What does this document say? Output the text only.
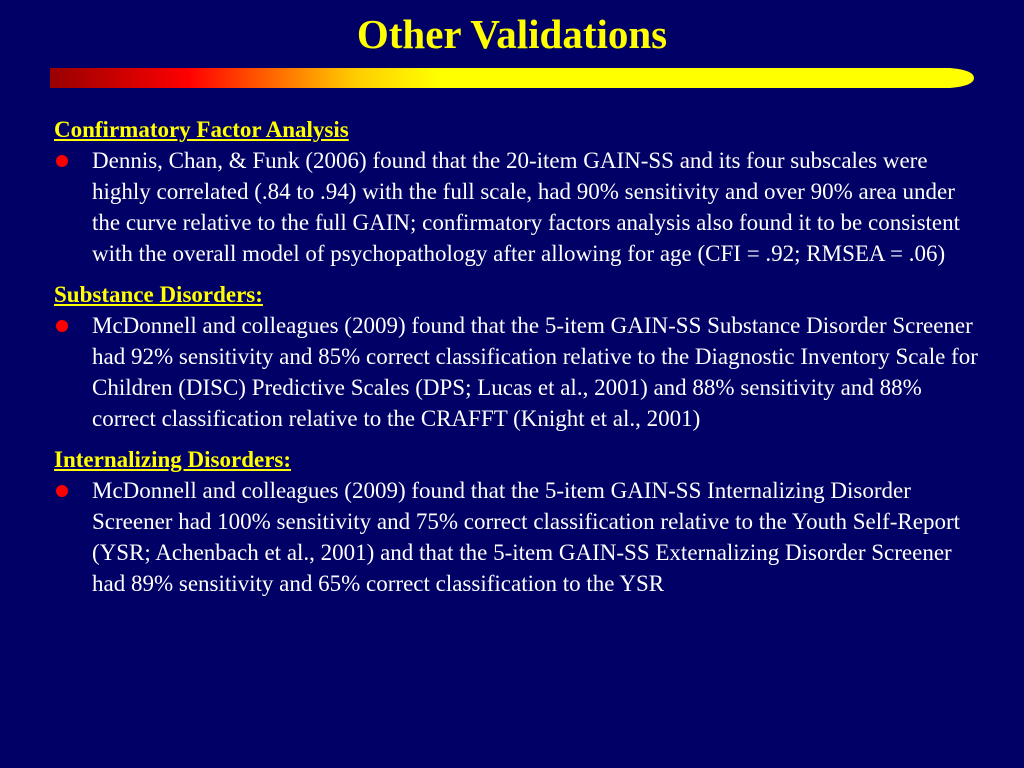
Other Validations

Confirmatory Factor Analysis

Dennis, Chan, & Funk (2006) found that the 20-item GAIN-SS and its four subscales were highly correlated (.84 to .94) with the full scale, had 90% sensitivity and over 90% area under the curve relative to the full GAIN; confirmatory factors analysis also found it to be consistent with the overall model of psychopathology after allowing for age (CFI = .92; RMSEA = .06)

Substance Disorders:

McDonnell and colleagues (2009) found that the 5-item GAIN-SS Substance Disorder Screener had 92% sensitivity and 85% correct classification relative to the Diagnostic Inventory Scale for Children (DISC) Predictive Scales (DPS; Lucas et al., 2001) and 88% sensitivity and 88% correct classification relative to the CRAFFT (Knight et al., 2001)

Internalizing Disorders:

McDonnell and colleagues (2009) found that the 5-item GAIN-SS Internalizing Disorder Screener had 100% sensitivity and 75% correct classification relative to the Youth Self-Report (YSR; Achenbach et al., 2001) and that the 5-item GAIN-SS Externalizing Disorder Screener had 89% sensitivity and 65% correct classification to the YSR
